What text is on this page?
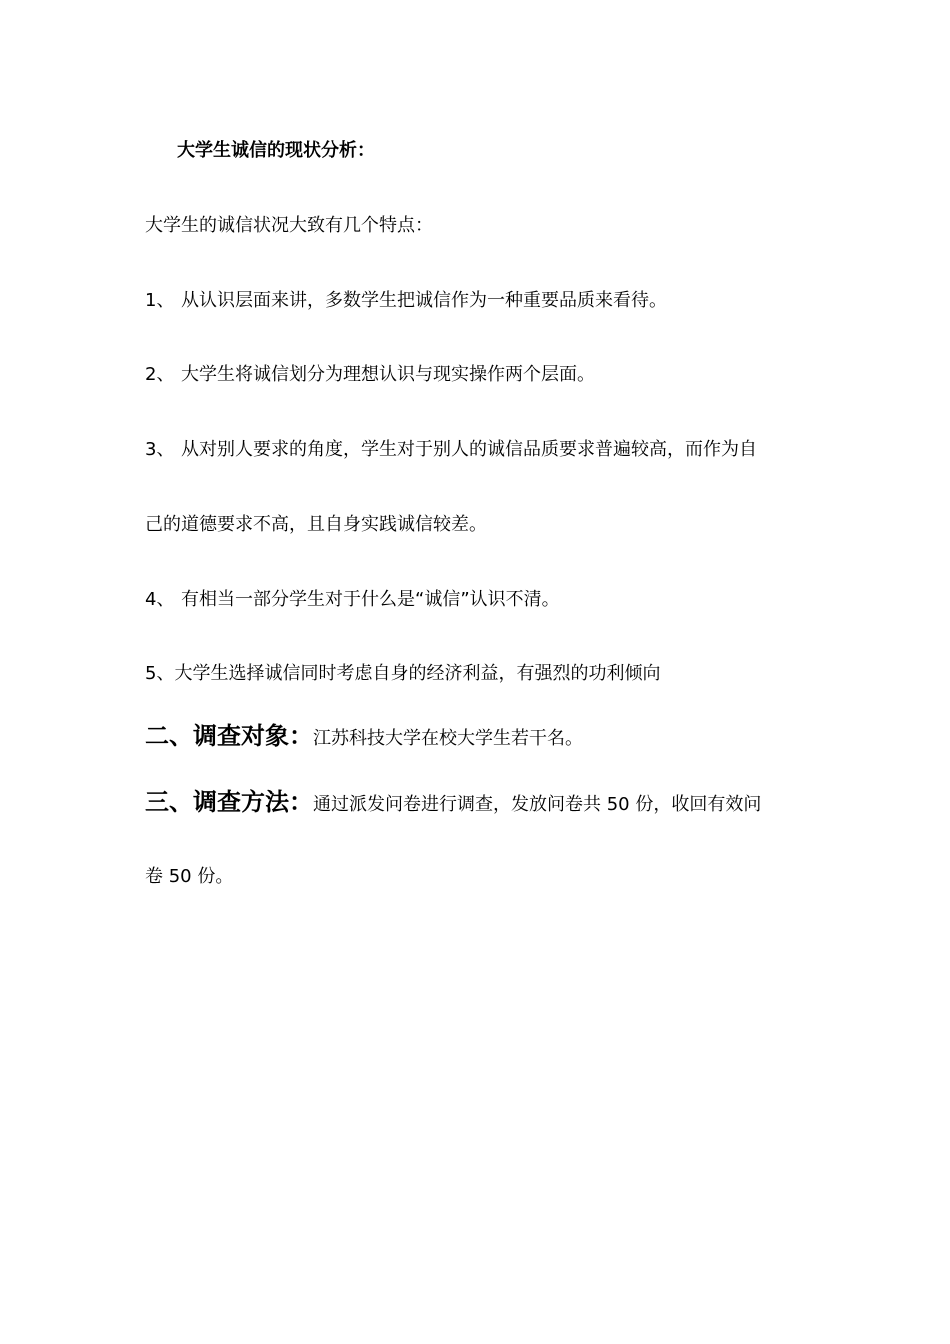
大学生诚信的现状分析：
大学生的诚信状况大致有几个特点：
1、 从认识层面来讲，多数学生把诚信作为一种重要品质来看待。
2、 大学生将诚信划分为理想认识与现实操作两个层面。
3、 从对别人要求的角度，学生对于别人的诚信品质要求普遍较高，而作为自
己的道德要求不高，且自身实践诚信较差。
4、 有相当一部分学生对于什么是“诚信”认识不清。
5、大学生选择诚信同时考虑自身的经济利益，有强烈的功利倾向
二、调查对象：江苏科技大学在校大学生若干名。
三、调查方法：通过派发问卷进行调查，发放问卷共 50 份，收回有效问
卷 50 份。
